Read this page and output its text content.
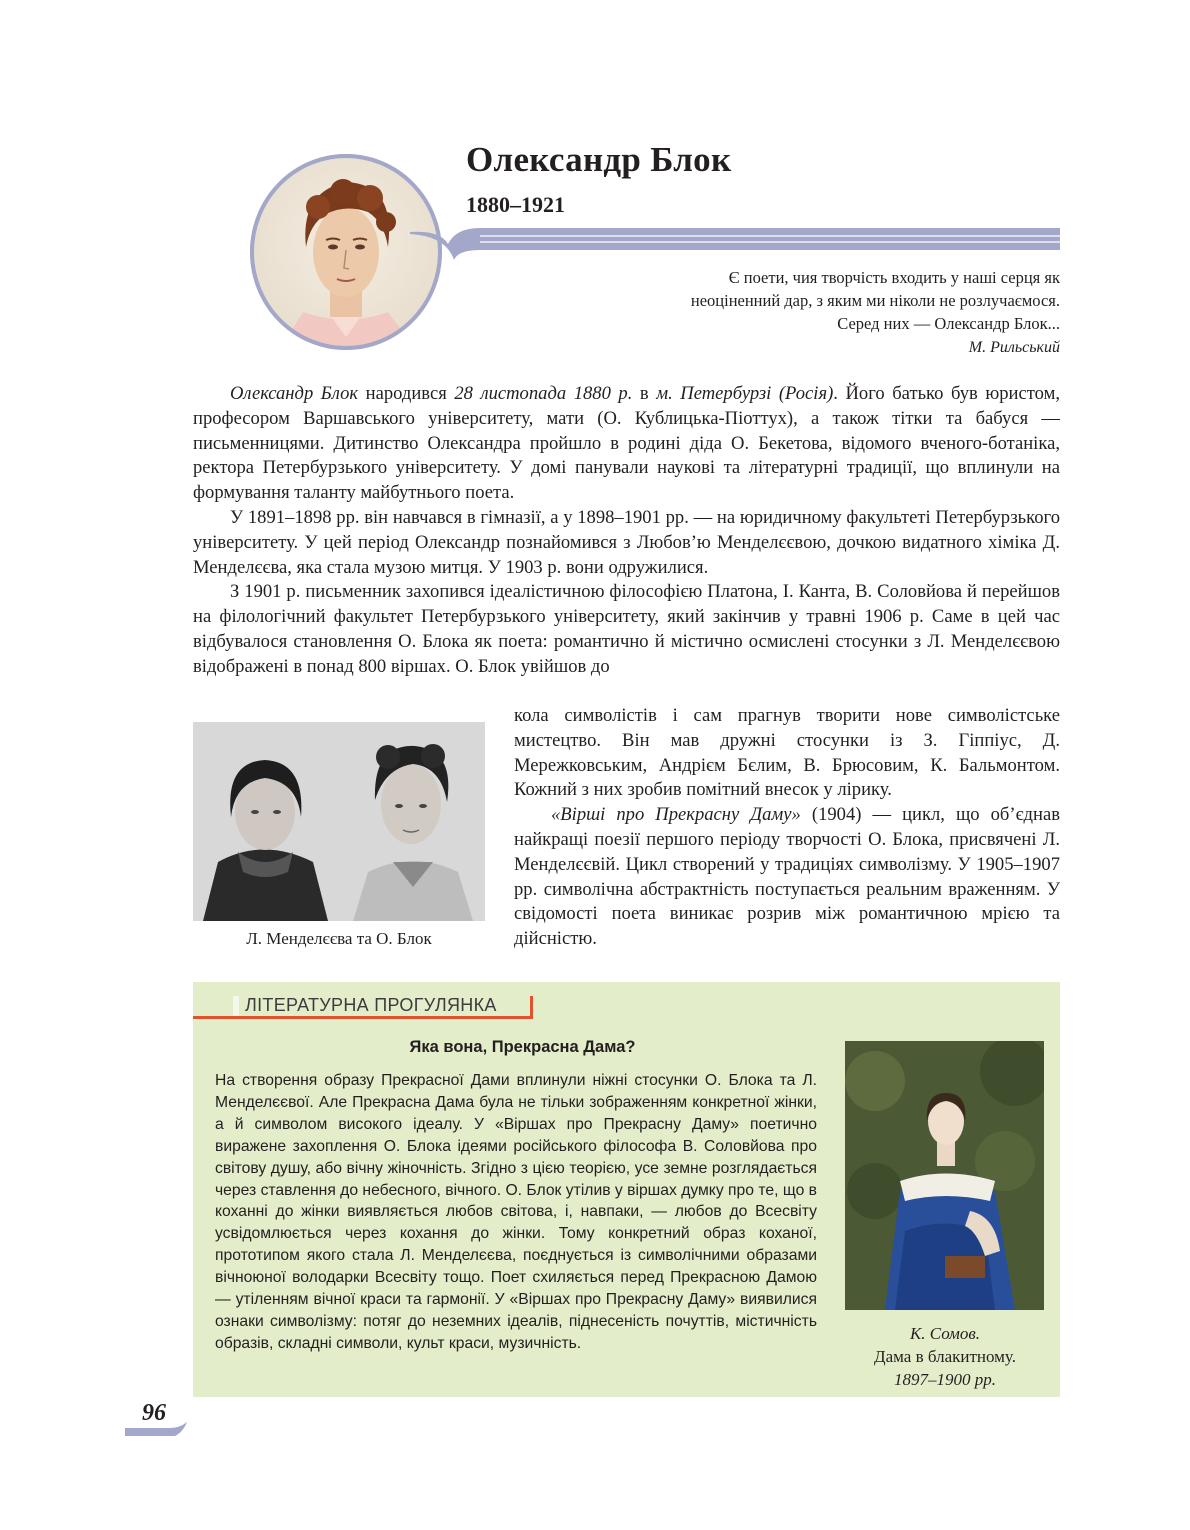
Олександр Блок
1880–1921
Є поети, чия творчість входить у наші серця як
неоціненний дар, з яким ми ніколи не розлучаємося.
Серед них — Олександр Блок...
М. Рильський

Олександр Блок народився 28 листопада 1880 р. в м. Петербурзі (Росія). Його батько був юристом, професором Варшавського університету, мати (О. Кублицька-Піоттух), а також тітки та бабуся — письменницями. Дитинство Олександра пройшло в родині діда О. Бекетова, відомого вченого-ботаніка, ректора Петербурзького університету. У домі панували наукові та літературні традиції, що вплинули на формування таланту майбутнього поета.

У 1891–1898 рр. він навчався в гімназії, а у 1898–1901 рр. — на юридичному факультеті Петербурзького університету. У цей період Олександр познайомився з Любов’ю Менделєєвою, дочкою видатного хіміка Д. Менделєєва, яка стала музою митця. У 1903 р. вони одружилися.

З 1901 р. письменник захопився ідеалістичною філософією Платона, І. Канта, В. Соловйова й перейшов на філологічний факультет Петербурзького університету, який закінчив у травні 1906 р. Саме в цей час відбувалося становлення О. Блока як поета: романтично й містично осмислені стосунки з Л. Менделєєвою відображені в понад 800 віршах. О. Блок увійшов до

Л. Менделєєва та О. Блок

кола символістів і сам прагнув творити нове символістське мистецтво. Він мав дружні стосунки із З. Гіппіус, Д. Мережковським, Андрієм Бєлим, В. Брюсовим, К. Бальмонтом. Кожний з них зробив помітний внесок у лірику.

«Вірші про Прекрасну Даму» (1904) — цикл, що об’єднав найкращі поезії першого періоду творчості О. Блока, присвячені Л. Менделєєвій. Цикл створений у традиціях символізму. У 1905–1907 рр. символічна абстрактність поступається реальним враженням. У свідомості поета виникає розрив між романтичною мрією та дійсністю.

ЛІТЕРАТУРНА ПРОГУЛЯНКА
Яка вона, Прекрасна Дама?

На створення образу Прекрасної Дами вплинули ніжні стосунки О. Блока та Л. Менделєєвої. Але Прекрасна Дама була не тільки зображенням конкретної жінки, а й символом високого ідеалу. У «Віршах про Прекрасну Даму» поетично виражене захоплення О. Блока ідеями російського філософа В. Соловйова про світову душу, або вічну жіночність. Згідно з цією теорією, усе земне розглядається через ставлення до небесного, вічного. О. Блок утілив у віршах думку про те, що в коханні до жінки виявляється любов світова, і, навпаки, — любов до Всесвіту усвідомлюється через кохання до жінки. Тому конкретний образ коханої, прототипом якого стала Л. Менделєєва, поєднується із символічними образами вічноюної володарки Всесвіту тощо. Поет схиляється перед Прекрасною Дамою — утіленням вічної краси та гармонії. У «Віршах про Прекрасну Даму» виявилися ознаки символізму: потяг до неземних ідеалів, піднесеність почуттів, містичність образів, складні символи, культ краси, музичність.

К. Сомов.
Дама в блакитному.
1897–1900 рр.
96
